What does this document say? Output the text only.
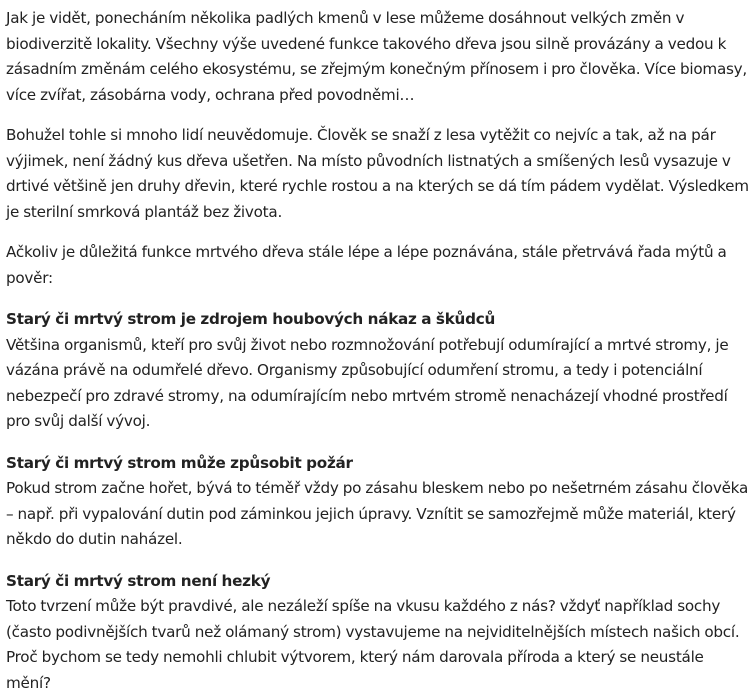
Jak je vidět, ponecháním několika padlých kmenů v lese můžeme dosáhnout velkých změn v biodiverzitě lokality. Všechny výše uvedené funkce takového dřeva jsou silně provázány a vedou k zásadním změnám celého ekosystému, se zřejmým konečným přínosem i pro člověka. Více biomasy, více zvířat, zásobárna vody, ochrana před povodněmi…

Bohužel tohle si mnoho lidí neuvědomuje. Člověk se snaží z lesa vytěžit co nejvíc a tak, až na pár výjimek, není žádný kus dřeva ušetřen. Na místo původních listnatých a smíšených lesů vysazuje v drtivé většině jen druhy dřevin, které rychle rostou a na kterých se dá tím pádem vydělat. Výsledkem je sterilní smrková plantáž bez života.

Ačkoliv je důležitá funkce mrtvého dřeva stále lépe a lépe poznávána, stále přetrvává řada mýtů a pověr:

Starý či mrtvý strom je zdrojem houbových nákaz a škůdců

Většina organismů, kteří pro svůj život nebo rozmnožování potřebují odumírající a mrtvé stromy, je vázána právě na odumřelé dřevo. Organismy způsobující odumření stromu, a tedy i potenciální nebezpečí pro zdravé stromy, na odumírajícím nebo mrtvém stromě nenacházejí vhodné prostředí pro svůj další vývoj.

Starý či mrtvý strom může způsobit požár

Pokud strom začne hořet, bývá to téměř vždy po zásahu bleskem nebo po nešetrném zásahu člověka – např. při vypalování dutin pod záminkou jejich úpravy. Vznítit se samozřejmě může materiál, který někdo do dutin naházel.

Starý či mrtvý strom není hezký

Toto tvrzení může být pravdivé, ale nezáleží spíše na vkusu každého z nás? vždyť například sochy (často podivnějších tvarů než olámaný strom) vystavujeme na nejviditelnějších místech našich obcí. Proč bychom se tedy nemohli chlubit výtvorem, který nám darovala příroda a který se neustále mění?
